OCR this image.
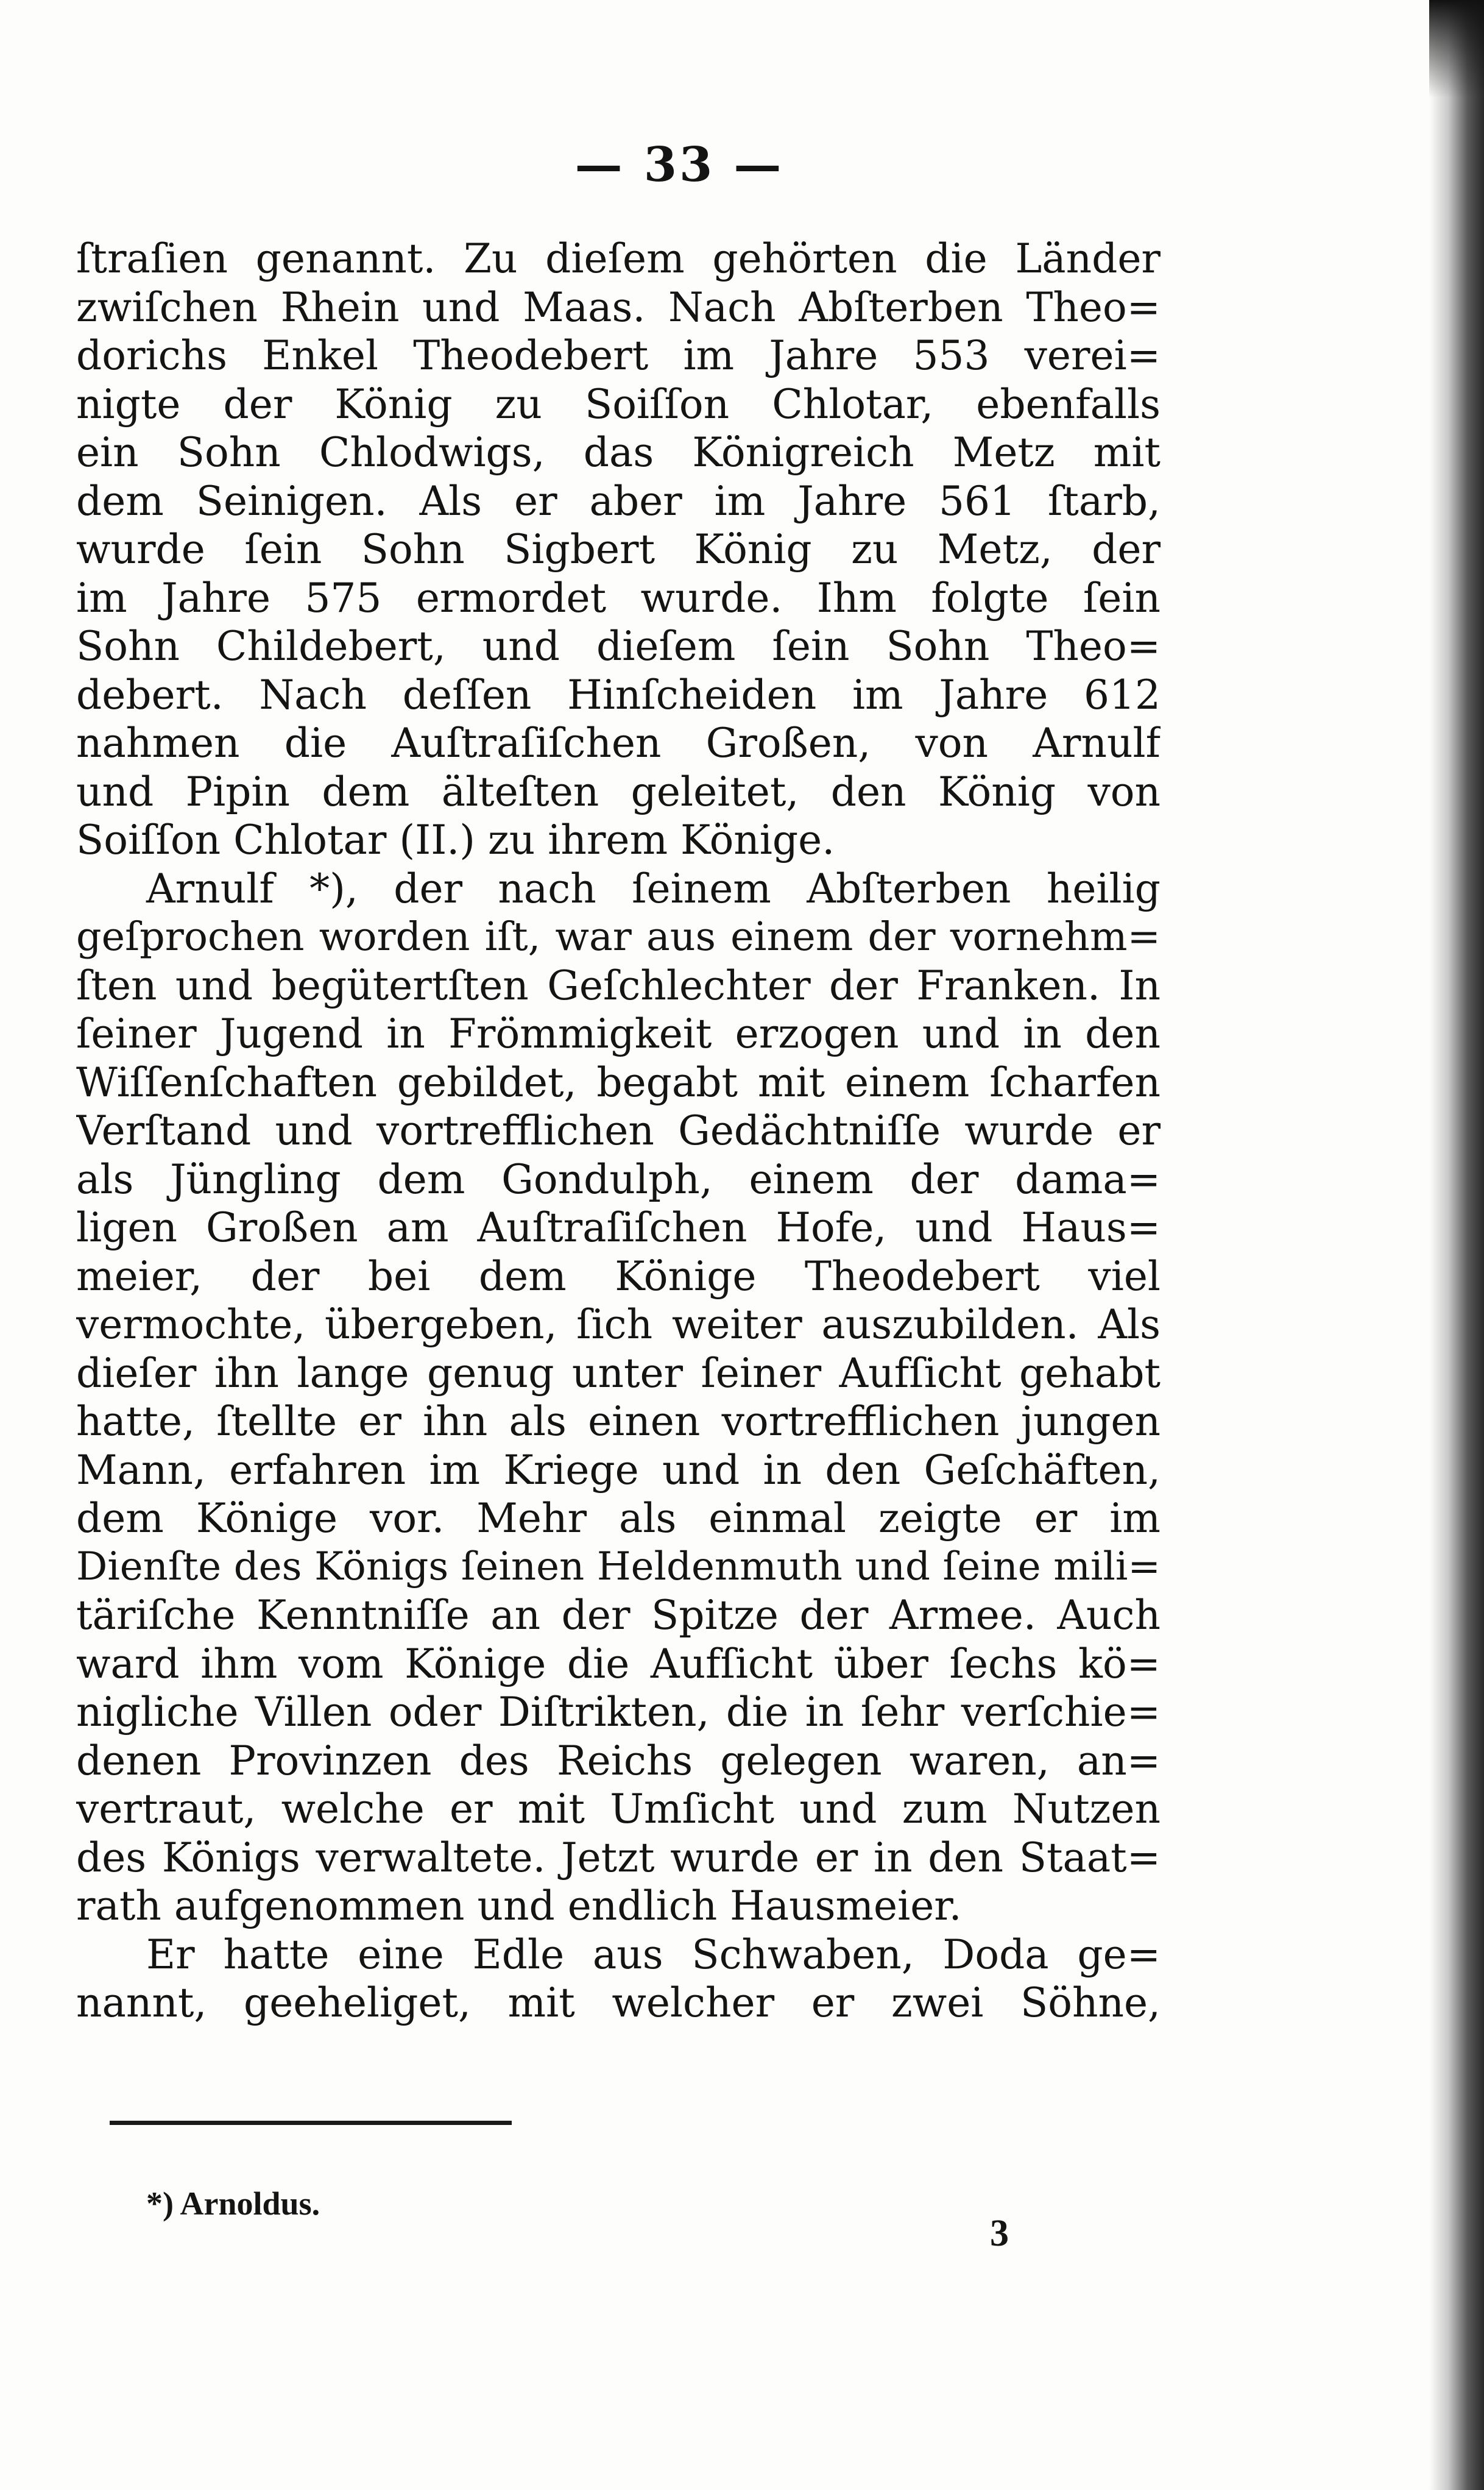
— 33 —
ſtraſien genannt. Zu dieſem gehörten die Länder
zwiſchen Rhein und Maas. Nach Abſterben Theo=
dorichs Enkel Theodebert im Jahre 553 verei=
nigte der König zu Soiſſon Chlotar, ebenfalls
ein Sohn Chlodwigs, das Königreich Metz mit
dem Seinigen. Als er aber im Jahre 561 ſtarb,
wurde ſein Sohn Sigbert König zu Metz, der
im Jahre 575 ermordet wurde. Ihm folgte ſein
Sohn Childebert, und dieſem ſein Sohn Theo=
debert. Nach deſſen Hinſcheiden im Jahre 612
nahmen die Auſtraſiſchen Großen, von Arnulf
und Pipin dem älteſten geleitet, den König von
Soiſſon Chlotar (II.) zu ihrem Könige.
Arnulf *), der nach ſeinem Abſterben heilig
geſprochen worden iſt, war aus einem der vornehm=
ſten und begütertſten Geſchlechter der Franken. In
ſeiner Jugend in Frömmigkeit erzogen und in den
Wiſſenſchaften gebildet, begabt mit einem ſcharfen
Verſtand und vortrefflichen Gedächtniſſe wurde er
als Jüngling dem Gondulph, einem der dama=
ligen Großen am Auſtraſiſchen Hofe, und Haus=
meier, der bei dem Könige Theodebert viel
vermochte, übergeben, ſich weiter auszubilden. Als
dieſer ihn lange genug unter ſeiner Aufſicht gehabt
hatte, ſtellte er ihn als einen vortrefflichen jungen
Mann, erfahren im Kriege und in den Geſchäften,
dem Könige vor. Mehr als einmal zeigte er im
Dienſte des Königs ſeinen Heldenmuth und ſeine mili=
täriſche Kenntniſſe an der Spitze der Armee. Auch
ward ihm vom Könige die Aufſicht über ſechs kö=
nigliche Villen oder Diſtrikten, die in ſehr verſchie=
denen Provinzen des Reichs gelegen waren, an=
vertraut, welche er mit Umſicht und zum Nutzen
des Königs verwaltete. Jetzt wurde er in den Staat=
rath aufgenommen und endlich Hausmeier.
Er hatte eine Edle aus Schwaben, Doda ge=
nannt, geeheliget, mit welcher er zwei Söhne,
*) Arnoldus.
3
